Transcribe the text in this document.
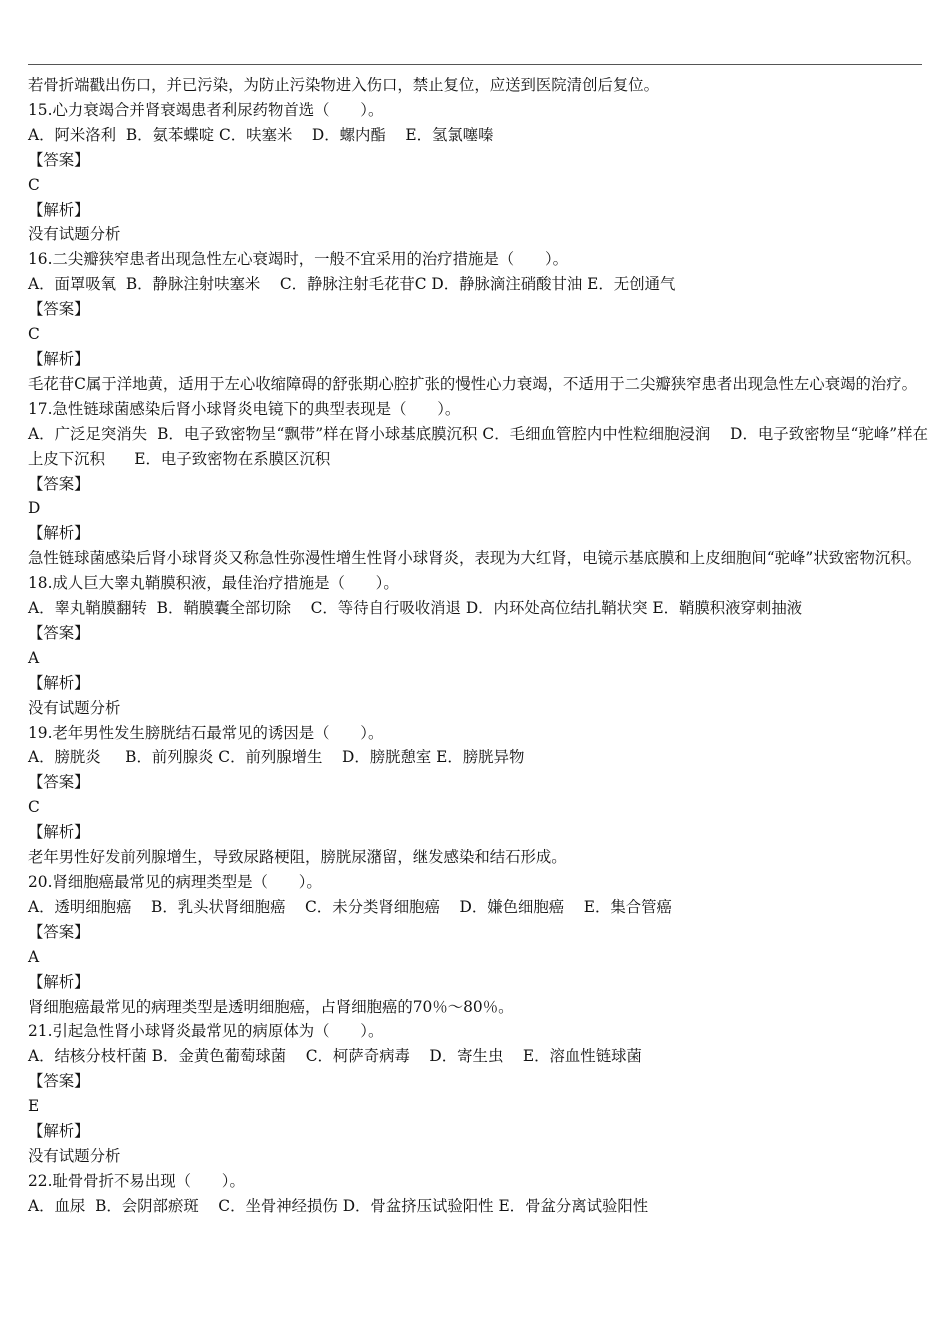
若骨折端戳出伤口，并已污染，为防止污染物进入伤口，禁止复位，应送到医院清创后复位。
15.心力衰竭合并肾衰竭患者利尿药物首选（　　）。
A．阿米洛利  B．氨苯蝶啶 C．呋塞米    D．螺内酯    E．氢氯噻嗪
【答案】
C
【解析】
没有试题分析
16.二尖瓣狭窄患者出现急性左心衰竭时，一般不宜采用的治疗措施是（　　）。
A．面罩吸氧  B．静脉注射呋塞米    C．静脉注射毛花苷C D．静脉滴注硝酸甘油 E．无创通气
【答案】
C
【解析】
毛花苷C属于洋地黄，适用于左心收缩障碍的舒张期心腔扩张的慢性心力衰竭，不适用于二尖瓣狭窄患者出现急性左心衰竭的治疗。
17.急性链球菌感染后肾小球肾炎电镜下的典型表现是（　　）。
A．广泛足突消失  B．电子致密物呈“飘带”样在肾小球基底膜沉积 C．毛细血管腔内中性粒细胞浸润    D．电子致密物呈“驼峰”样在上皮下沉积      E．电子致密物在系膜区沉积
【答案】
D
【解析】
急性链球菌感染后肾小球肾炎又称急性弥漫性增生性肾小球肾炎，表现为大红肾，电镜示基底膜和上皮细胞间“驼峰”状致密物沉积。
18.成人巨大睾丸鞘膜积液，最佳治疗措施是（　　）。
A．睾丸鞘膜翻转  B．鞘膜囊全部切除    C．等待自行吸收消退 D．内环处高位结扎鞘状突 E．鞘膜积液穿刺抽液
【答案】
A
【解析】
没有试题分析
19.老年男性发生膀胱结石最常见的诱因是（　　）。
A．膀胱炎     B．前列腺炎 C．前列腺增生    D．膀胱憩室 E．膀胱异物
【答案】
C
【解析】
老年男性好发前列腺增生，导致尿路梗阻，膀胱尿潴留，继发感染和结石形成。
20.肾细胞癌最常见的病理类型是（　　）。
A．透明细胞癌    B．乳头状肾细胞癌    C．未分类肾细胞癌    D．嫌色细胞癌    E．集合管癌
【答案】
A
【解析】
肾细胞癌最常见的病理类型是透明细胞癌，占肾细胞癌的70％～80％。
21.引起急性肾小球肾炎最常见的病原体为（　　）。
A．结核分枝杆菌 B．金黄色葡萄球菌    C．柯萨奇病毒    D．寄生虫    E．溶血性链球菌
【答案】
E
【解析】
没有试题分析
22.耻骨骨折不易出现（　　）。
A．血尿  B．会阴部瘀斑    C．坐骨神经损伤 D．骨盆挤压试验阳性 E．骨盆分离试验阳性
